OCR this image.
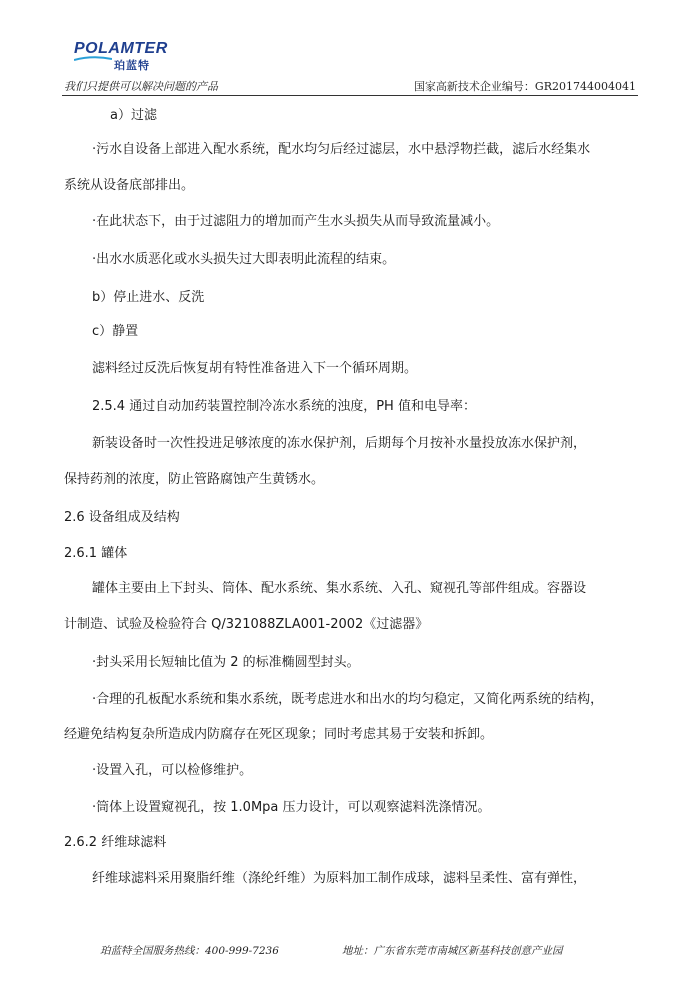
POLAMTER
珀蓝特
我们只提供可以解决问题的产品	国家高新技术企业编号：GR201744004041
a）过滤
·污水自设备上部进入配水系统，配水均匀后经过滤层，水中悬浮物拦截，滤后水经集水
系统从设备底部排出。
·在此状态下，由于过滤阻力的增加而产生水头损失从而导致流量减小。
·出水水质恶化或水头损失过大即表明此流程的结束。
b）停止进水、反洗
c）静置
滤料经过反洗后恢复胡有特性准备进入下一个循环周期。
2.5.4 通过自动加药装置控制冷冻水系统的浊度，PH 值和电导率：
新装设备时一次性投进足够浓度的冻水保护剂，后期每个月按补水量投放冻水保护剂，
保持药剂的浓度，防止管路腐蚀产生黄锈水。
2.6 设备组成及结构
2.6.1 罐体
罐体主要由上下封头、筒体、配水系统、集水系统、入孔、窥视孔等部件组成。容器设
计制造、试验及检验符合 Q/321088ZLA001-2002《过滤器》
·封头采用长短轴比值为 2 的标准椭圆型封头。
·合理的孔板配水系统和集水系统，既考虑进水和出水的均匀稳定，又简化两系统的结构，
经避免结构复杂所造成内防腐存在死区现象；同时考虑其易于安装和拆卸。
·设置入孔，可以检修维护。
·筒体上设置窥视孔，按 1.0Mpa 压力设计，可以观察滤料洗涤情况。
2.6.2 纤维球滤料
纤维球滤料采用聚脂纤维（涤纶纤维）为原料加工制作成球，滤料呈柔性、富有弹性，
珀蓝特全国服务热线：400-999-7236	地址：广东省东莞市南城区新基科技创意产业园
